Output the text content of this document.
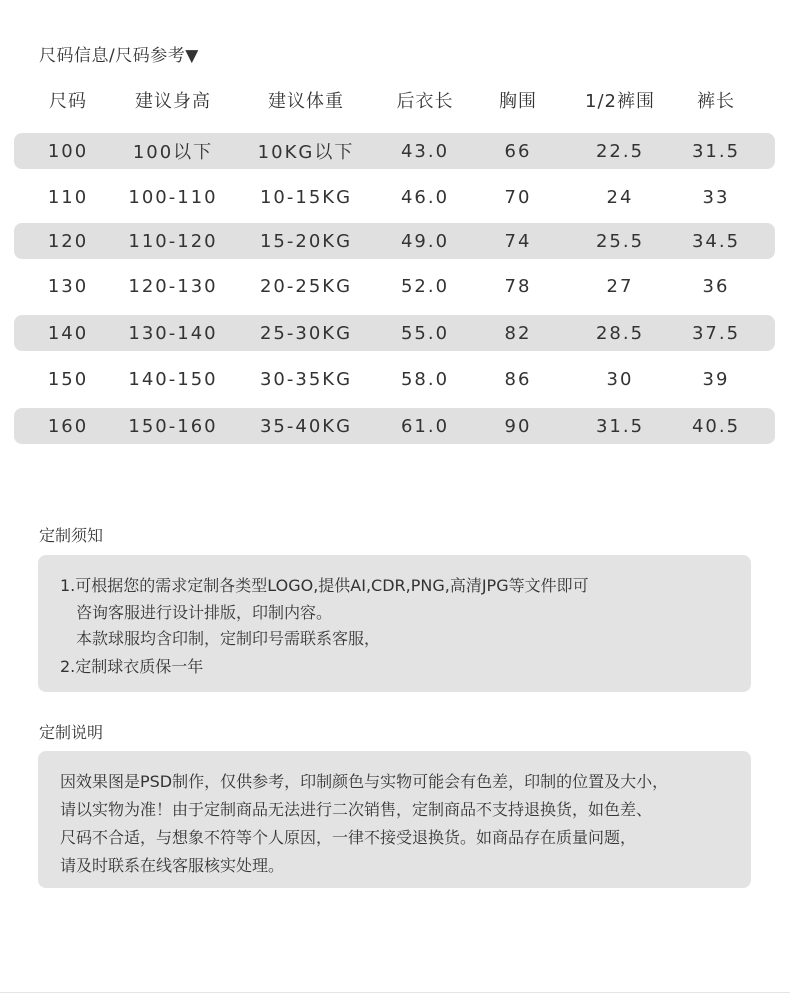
尺码信息/尺码参考▼
尺码	建议身高	建议体重	后衣长	胸围	1/2裤围	裤长
100	100以下	10KG以下	43.0	66	22.5	31.5
110	100-110	10-15KG	46.0	70	24	33
120	110-120	15-20KG	49.0	74	25.5	34.5
130	120-130	20-25KG	52.0	78	27	36
140	130-140	25-30KG	55.0	82	28.5	37.5
150	140-150	30-35KG	58.0	86	30	39
160	150-160	35-40KG	61.0	90	31.5	40.5
定制须知
1.可根据您的需求定制各类型LOGO,提供AI,CDR,PNG,高清JPG等文件即可
咨询客服进行设计排版，印制内容。
本款球服均含印制，定制印号需联系客服，
2.定制球衣质保一年
定制说明
因效果图是PSD制作，仅供参考，印制颜色与实物可能会有色差，印制的位置及大小，
请以实物为准！由于定制商品无法进行二次销售，定制商品不支持退换货，如色差、
尺码不合适，与想象不符等个人原因，一律不接受退换货。如商品存在质量问题，
请及时联系在线客服核实处理。
